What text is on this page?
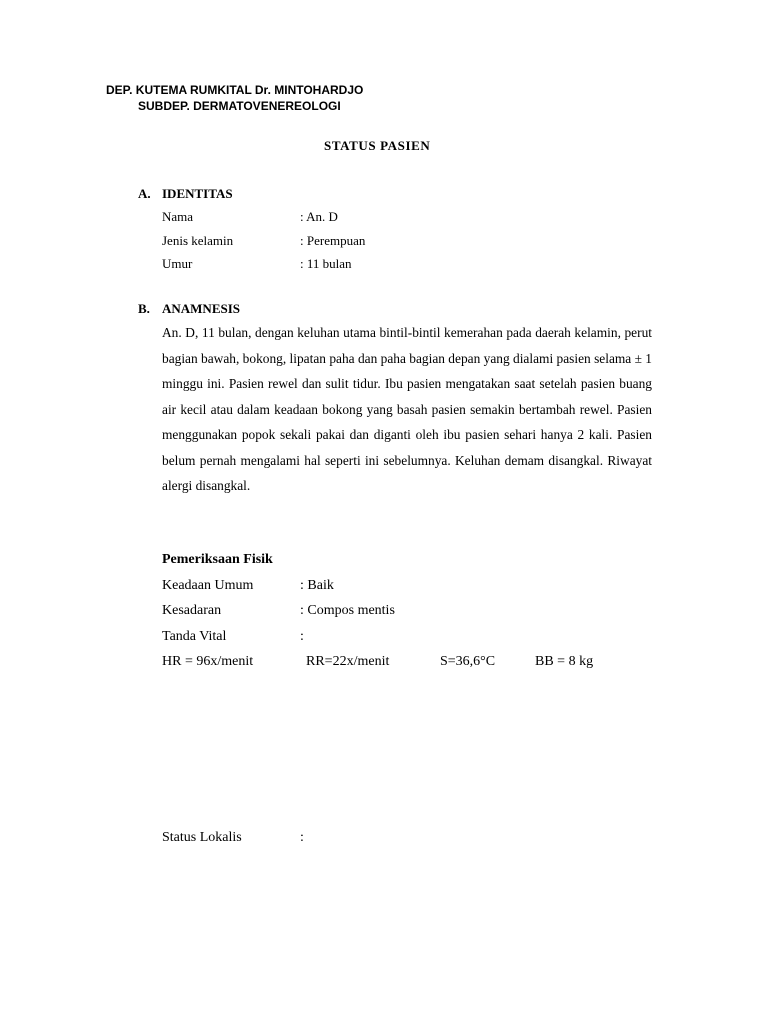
DEP. KUTEMA RUMKITAL Dr. MINTOHARDJO
SUBDEP. DERMATOVENEREOLOGI
STATUS PASIEN
A. IDENTITAS
Nama	: An. D
Jenis kelamin	: Perempuan
Umur	: 11 bulan
B. ANAMNESIS
An. D, 11 bulan, dengan keluhan utama bintil-bintil kemerahan pada daerah kelamin, perut bagian bawah, bokong, lipatan paha dan paha bagian depan yang dialami pasien selama ± 1 minggu ini. Pasien rewel dan sulit tidur. Ibu pasien mengatakan saat setelah pasien buang air kecil atau dalam keadaan bokong yang basah pasien semakin bertambah rewel. Pasien menggunakan popok sekali pakai dan diganti oleh ibu pasien sehari hanya 2 kali. Pasien belum pernah mengalami hal seperti ini sebelumnya. Keluhan demam disangkal. Riwayat alergi disangkal.
Pemeriksaan Fisik
Keadaan Umum	: Baik
Kesadaran	: Compos mentis
Tanda Vital	:
HR = 96x/menit	RR=22x/menit	S=36,6°C	BB = 8 kg
Status Lokalis	:
